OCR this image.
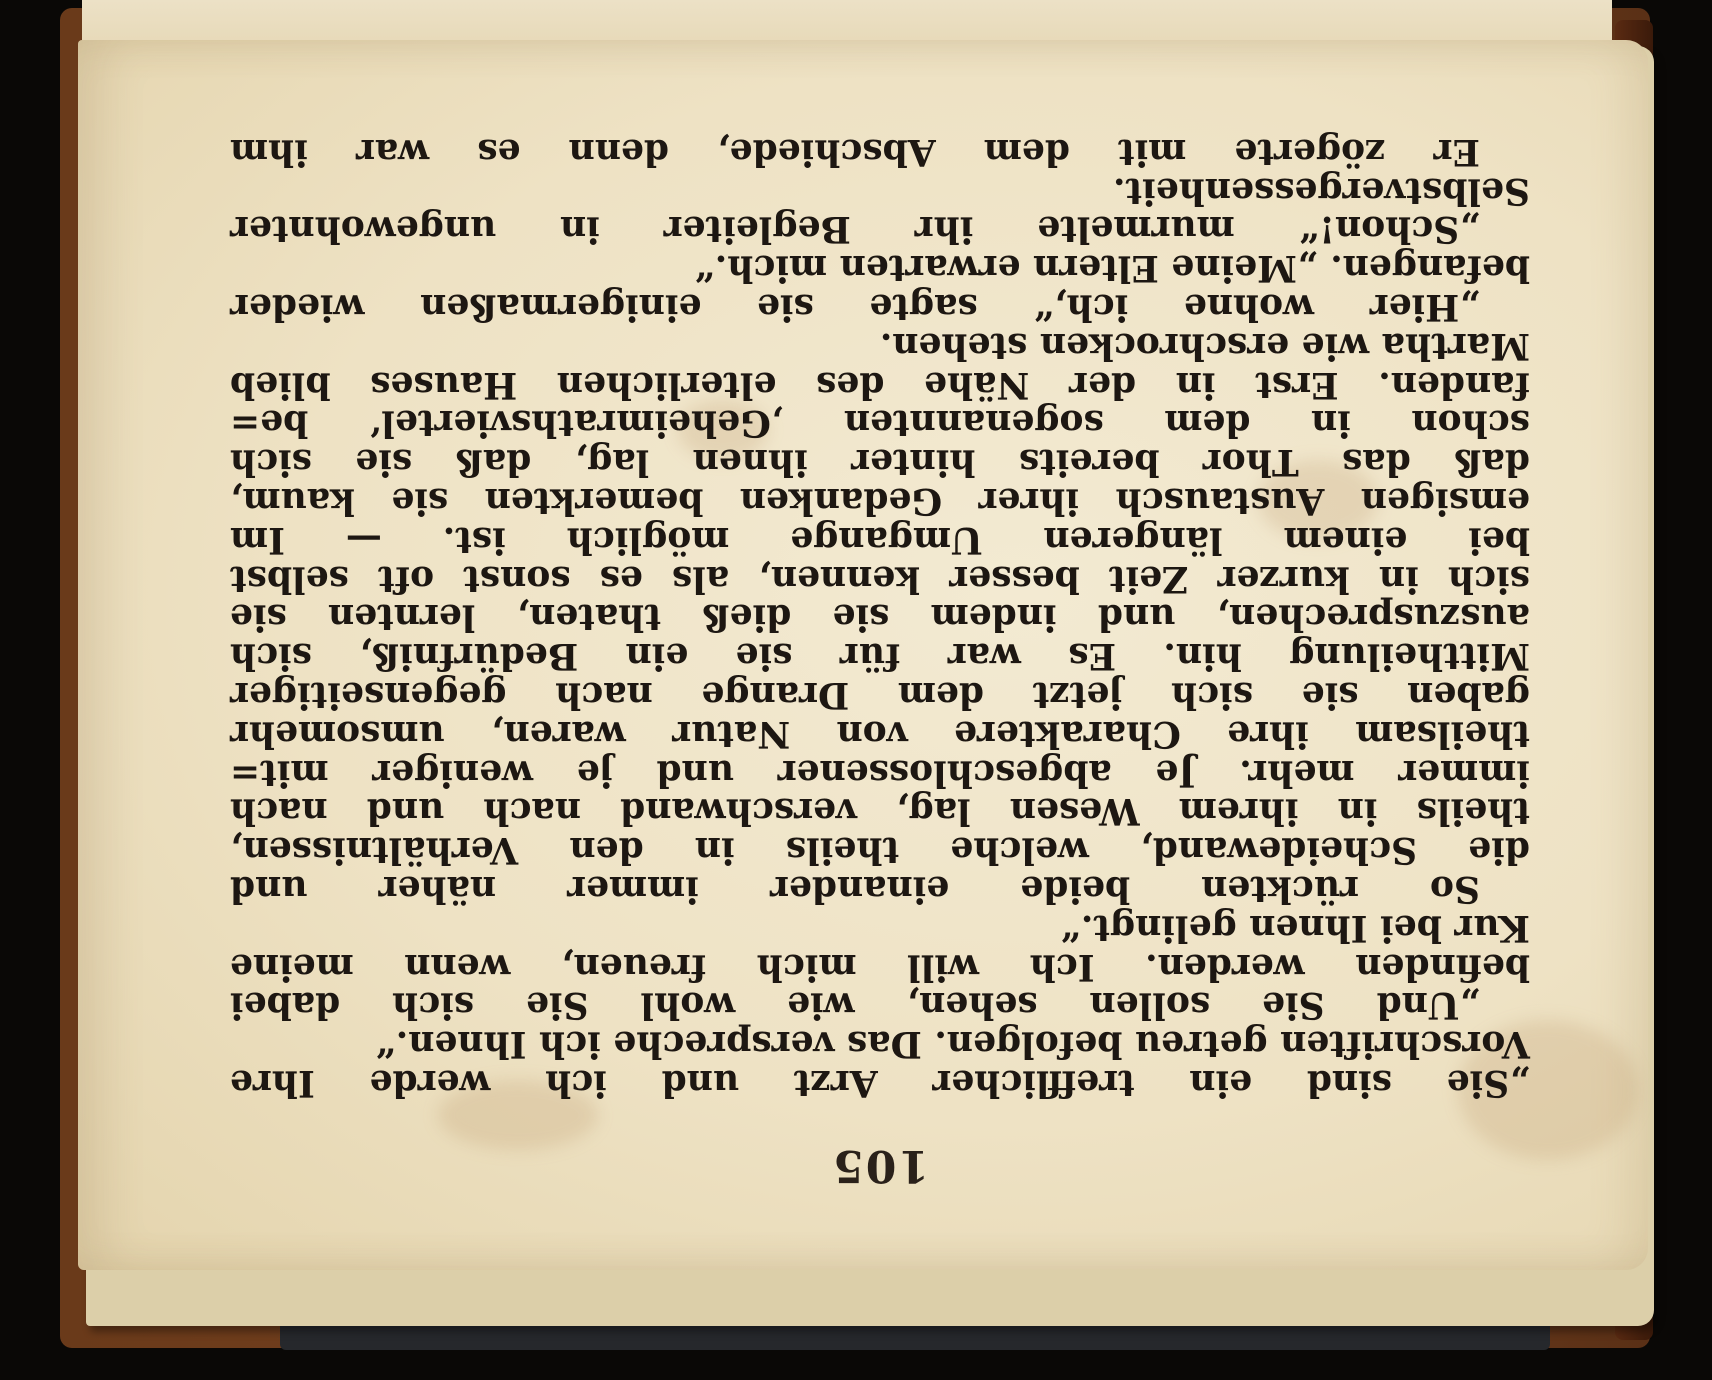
105
„Sie sind ein trefflicher Arzt und ich werde Ihre
Vorschriften getreu befolgen. Das verspreche ich Ihnen.“
„Und Sie sollen sehen, wie wohl Sie sich dabei
befinden werden. Ich will mich freuen, wenn meine
Kur bei Ihnen gelingt.“
So rückten beide einander immer näher und
die Scheidewand, welche theils in den Verhältnissen,
theils in ihrem Wesen lag, verschwand nach und nach
immer mehr. Je abgeschlossener und je weniger mit=
theilsam ihre Charaktere von Natur waren, umsomehr
gaben sie sich jetzt dem Drange nach gegenseitiger
Mittheilung hin. Es war für sie ein Bedürfniß, sich
auszusprechen, und indem sie dieß thaten, lernten sie
sich in kurzer Zeit besser kennen, als es sonst oft selbst
bei einem längeren Umgange möglich ist. — Im
emsigen Austausch ihrer Gedanken bemerkten sie kaum,
daß das Thor bereits hinter ihnen lag, daß sie sich
schon in dem sogenannten ‚Geheimrathsviertel‘ be=
fanden. Erst in der Nähe des elterlichen Hauses blieb
Martha wie erschrocken stehen.
„Hier wohne ich,“ sagte sie einigermaßen wieder
befangen. „Meine Eltern erwarten mich.“
„Schon!“ murmelte ihr Begleiter in ungewohnter
Selbstvergessenheit.
Er zögerte mit dem Abschiede, denn es war ihm
